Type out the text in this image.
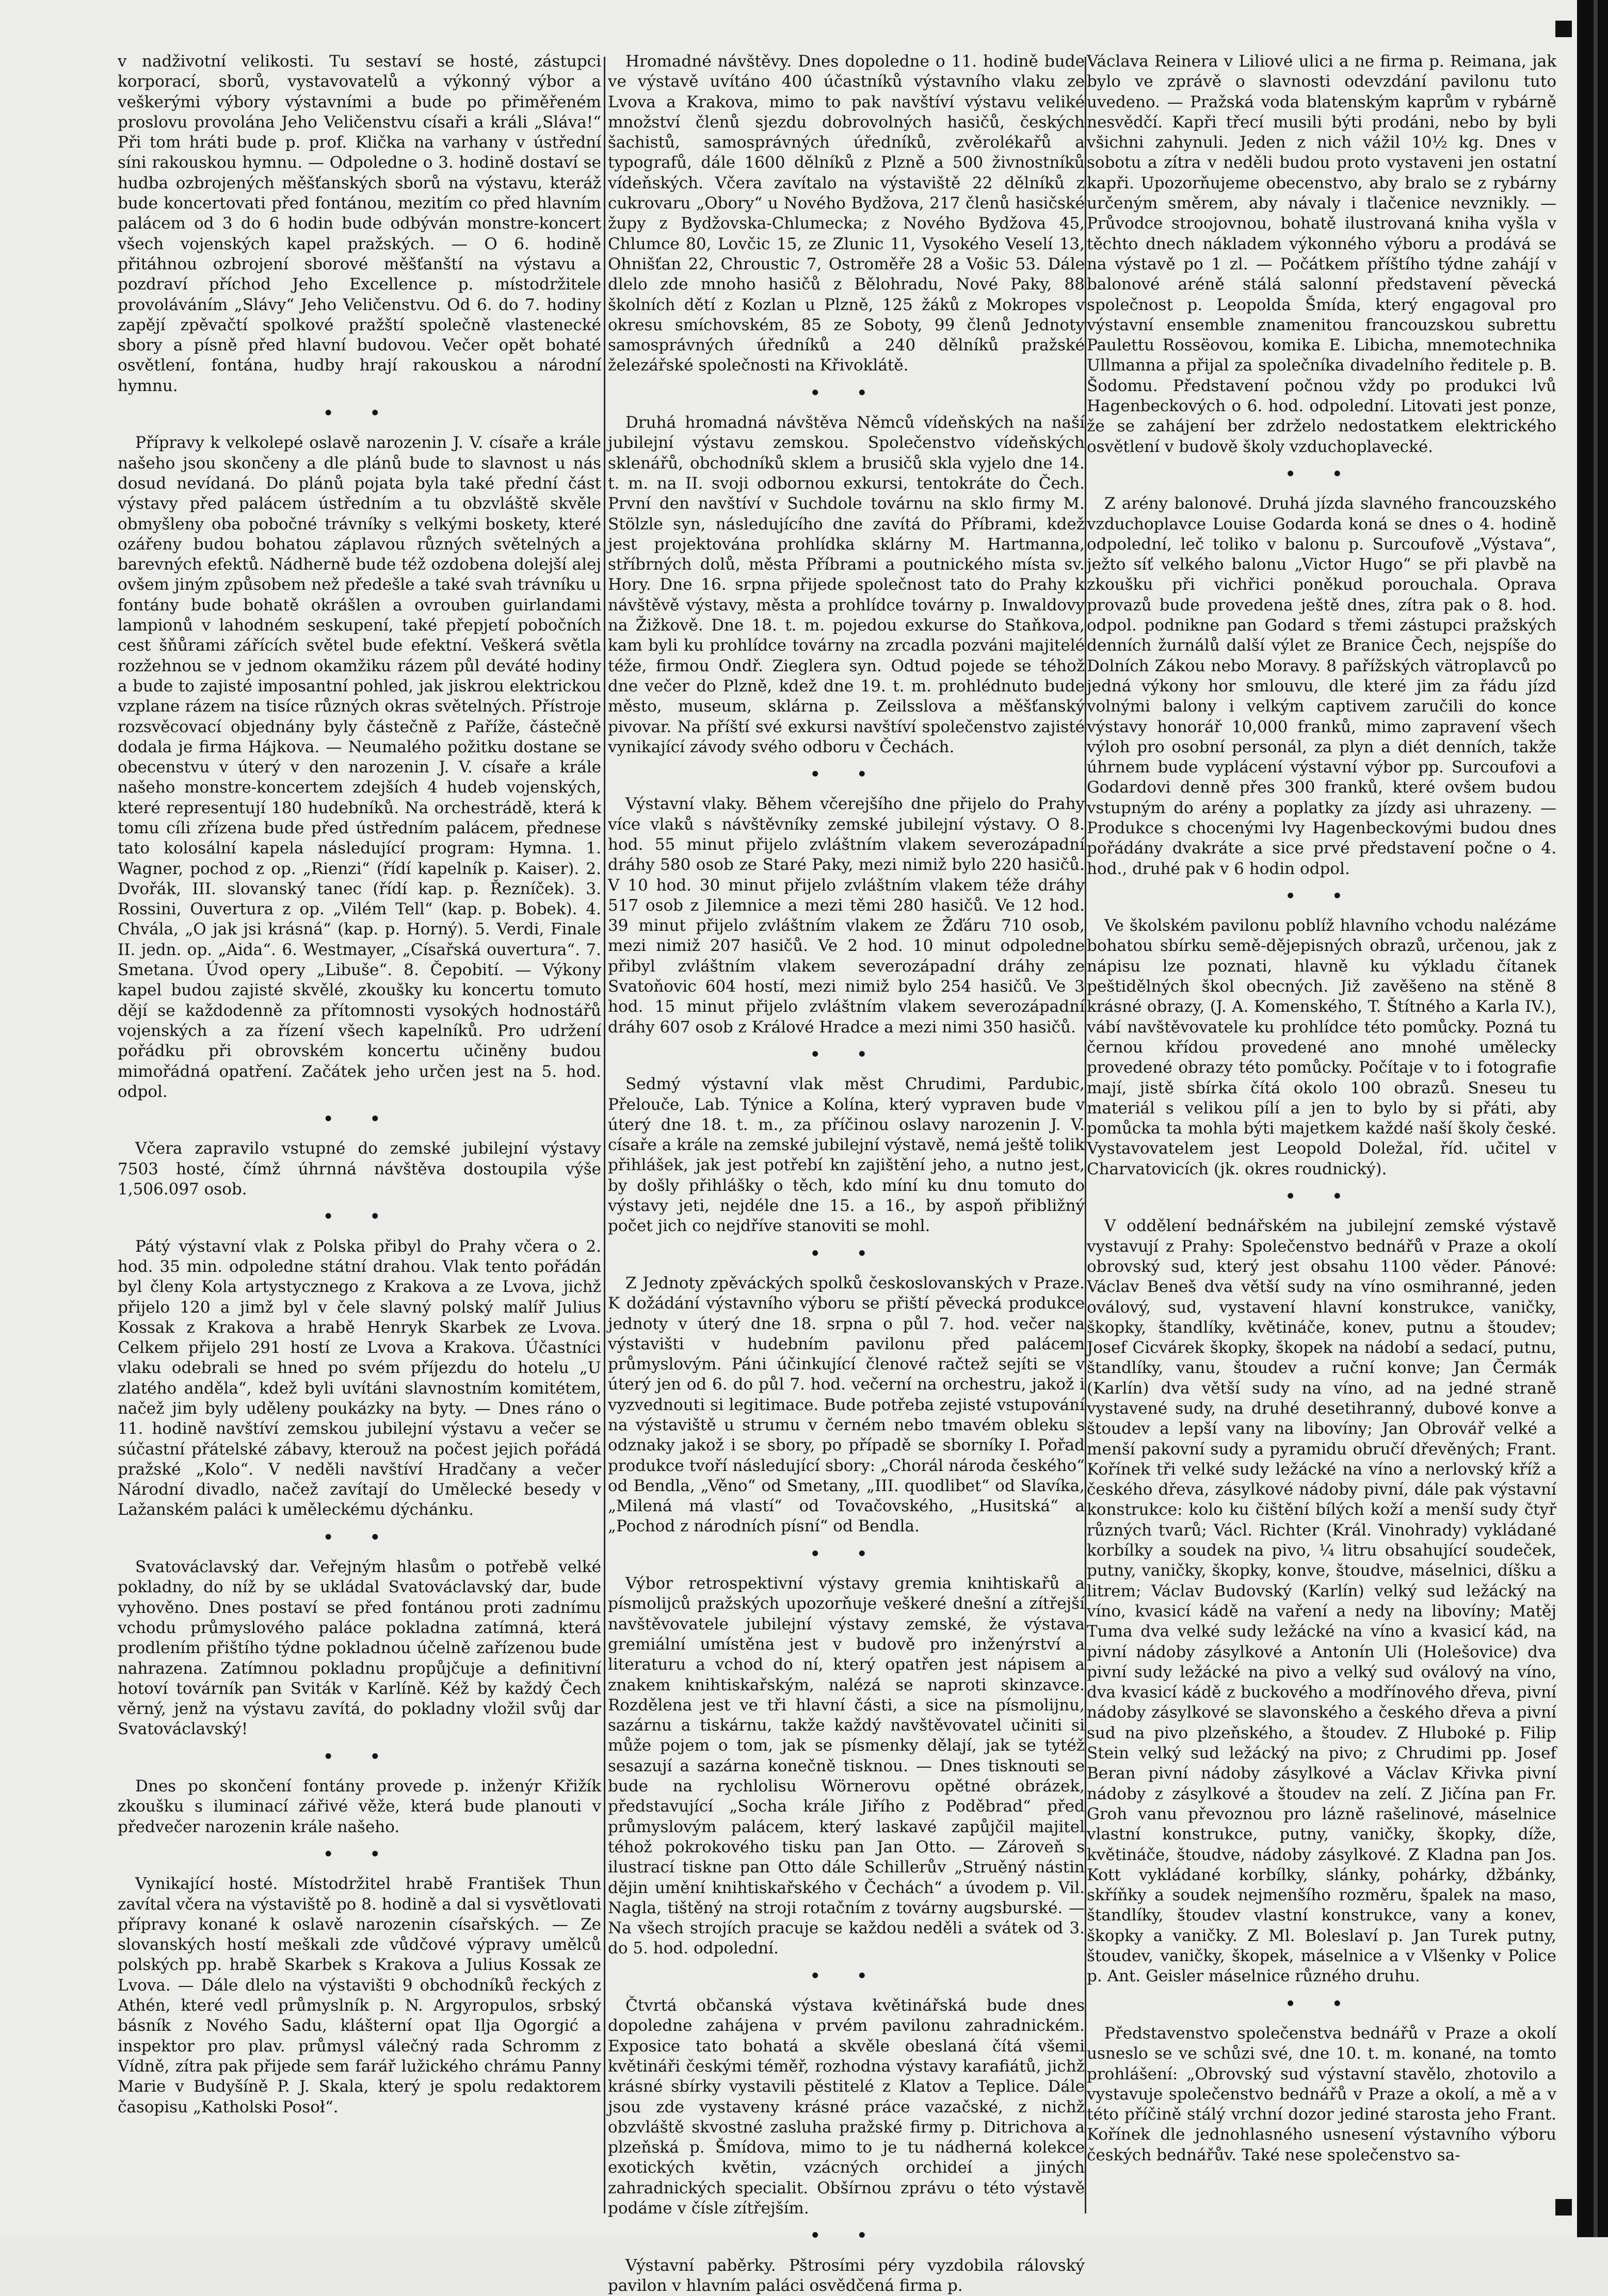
v nadživotní velikosti. Tu sestaví se hosté, zástupci korporací, sborů, vystavovatelů a výkonný výbor a veškerými výbory výstavními a bude po přiměřeném proslovu provolána Jeho Veličenstvu císaři a králi „Sláva!“ Při tom hráti bude p. prof. Klička na varhany v ústřední síni rakouskou hymnu. — Odpoledne o 3. hodině dostaví se hudba ozbrojených měšťanských sborů na výstavu, kteráž bude koncertovati před fontánou, mezitím co před hlavním palácem od 3 do 6 hodin bude odbýván monstre-koncert všech vojenských kapel pražských. — O 6. hodině přitáhnou ozbrojení sborové měšťanští na výstavu a pozdraví příchod Jeho Excellence p. místodržitele provoláváním „Slávy“ Jeho Veličenstvu. Od 6. do 7. hodiny zapějí zpěvačtí spolkové pražští společně vlastenecké sbory a písně před hlavní budovou. Večer opět bohaté osvětlení, fontána, hudby hrají rakouskou a národní hymnu.

• •

Přípravy k velkolepé oslavě narozenin J. V. císaře a krále našeho jsou skončeny a dle plánů bude to slavnost u nás dosud nevídaná. Do plánů pojata byla také přední část výstavy před palácem ústředním a tu obzvláště skvěle obmyšleny oba pobočné trávníky s velkými boskety, které ozářeny budou bohatou záplavou různých světelných a barevných efektů. Nádherně bude též ozdobena dolejší alej ovšem jiným způsobem než předešle a také svah trávníku u fontány bude bohatě okrášlen a ovrouben guirlandami lampionů v lahodném seskupení, také přepjetí pobočních cest šňůrami zářících světel bude efektní. Veškerá světla rozžehnou se v jednom okamžiku rázem půl deváté hodiny a bude to zajisté imposantní pohled, jak jiskrou elektrickou vzplane rázem na tisíce různých okras světelných. Přístroje rozsvěcovací objednány byly částečně z Paříže, částečně dodala je firma Hájkova. — Neumalého požitku dostane se obecenstvu v úterý v den narozenin J. V. císaře a krále našeho monstre-koncertem zdejších 4 hudeb vojenských, které representují 180 hudebníků. Na orchestrádě, která k tomu cíli zřízena bude před ústředním palácem, přednese tato kolosální kapela následující program: Hymna. 1. Wagner, pochod z op. „Rienzi“ (řídí kapelník p. Kaiser). 2. Dvořák, III. slovanský tanec (řídí kap. p. Řezníček). 3. Rossini, Ouvertura z op. „Vilém Tell“ (kap. p. Bobek). 4. Chvála, „O jak jsi krásná“ (kap. p. Horný). 5. Verdi, Finale II. jedn. op. „Aida“. 6. Westmayer, „Císařská ouvertura“. 7. Smetana. Úvod opery „Libuše“. 8. Čepobití. — Výkony kapel budou zajisté skvělé, zkoušky ku koncertu tomuto dějí se každodenně za přítomnosti vysokých hodnostářů vojenských a za řízení všech kapelníků. Pro udržení pořádku při obrovském koncertu učiněny budou mimořádná opatření. Začátek jeho určen jest na 5. hod. odpol.

• •

Včera zapravilo vstupné do zemské jubilejní výstavy 7503 hosté, čímž úhrnná návštěva dostoupila výše 1,506.097 osob.

• •

Pátý výstavní vlak z Polska přibyl do Prahy včera o 2. hod. 35 min. odpoledne státní drahou. Vlak tento pořádán byl členy Kola artystycznego z Krakova a ze Lvova, jichž přijelo 120 a jimž byl v čele slavný polský malíř Julius Kossak z Krakova a hrabě Henryk Skarbek ze Lvova. Celkem přijelo 291 hostí ze Lvova a Krakova. Účastníci vlaku odebrali se hned po svém příjezdu do hotelu „U zlatého anděla“, kdež byli uvítáni slavnostním komitétem, načež jim byly uděleny poukázky na byty. — Dnes ráno o 11. hodině navštíví zemskou jubilejní výstavu a večer se súčastní přátelské zábavy, kterouž na počest jejich pořádá pražské „Kolo“. V neděli navštíví Hradčany a večer Národní divadlo, načež zavítají do Umělecké besedy v Lažanském paláci k uměleckému dýchánku.

• •

Svatováclavský dar. Veřejným hlasům o potřebě velké pokladny, do níž by se ukládal Svatováclavský dar, bude vyhověno. Dnes postaví se před fontánou proti zadnímu vchodu průmyslového paláce pokladna zatímná, která prodlením přištího týdne pokladnou účelně zařízenou bude nahrazena. Zatímnou pokladnu propůjčuje a definitivní hotoví továrník pan Sviták v Karlíně. Kéž by každý Čech věrný, jenž na výstavu zavítá, do pokladny vložil svůj dar Svatováclavský!

• •

Dnes po skončení fontány provede p. inženýr Křižík zkoušku s iluminací zářivé věže, která bude planouti v předvečer narozenin krále našeho.

• •

Vynikající hosté. Místodržitel hrabě František Thun zavítal včera na výstaviště po 8. hodině a dal si vysvětlovati přípravy konané k oslavě narozenin císařských. — Ze slovanských hostí meškali zde vůdčové výpravy umělců polských pp. hrabě Skarbek s Krakova a Julius Kossak ze Lvova. — Dále dlelo na výstavišti 9 obchodníků řeckých z Athén, které vedl průmyslník p. N. Argyropulos, srbský básník z Nového Sadu, klášterní opat Ilja Ogorgić a inspektor pro plav. průmysl válečný rada Schromm z Vídně, zítra pak přijede sem farář lužického chrámu Panny Marie v Budyšíně P. J. Skala, který je spolu redaktorem časopisu „Katholski Posoł“.

Hromadné návštěvy. Dnes dopoledne o 11. hodině bude ve výstavě uvítáno 400 účastníků výstavního vlaku ze Lvova a Krakova, mimo to pak navštíví výstavu veliké množství členů sjezdu dobrovolných hasičů, českých šachistů, samosprávných úředníků, zvěrolékařů a typografů, dále 1600 dělníků z Plzně a 500 živnostníků vídeňských. Včera zavítalo na výstaviště 22 dělníků z cukrovaru „Obory“ u Nového Bydžova, 217 členů hasičské župy z Bydžovska-Chlumecka; z Nového Bydžova 45, Chlumce 80, Lovčic 15, ze Zlunic 11, Vysokého Veselí 13, Ohnišťan 22, Chroustic 7, Ostroměře 28 a Vošic 53. Dále dlelo zde mnoho hasičů z Bělohradu, Nové Paky, 88 školních dětí z Kozlan u Plzně, 125 žáků z Mokropes v okresu smíchovském, 85 ze Soboty, 99 členů Jednoty samosprávných úředníků a 240 dělníků pražské železářské společnosti na Křivoklátě.

• •

Druhá hromadná návštěva Němců vídeňských na naší jubilejní výstavu zemskou. Společenstvo vídeňských sklenářů, obchodníků sklem a brusičů skla vyjelo dne 14. t. m. na II. svoji odbornou exkursi, tentokráte do Čech. První den navštíví v Suchdole továrnu na sklo firmy M. Stölzle syn, následujícího dne zavítá do Příbrami, kdež jest projektována prohlídka sklárny M. Hartmanna, stříbrných dolů, města Příbrami a poutnického místa sv. Hory. Dne 16. srpna přijede společnost tato do Prahy k návštěvě výstavy, města a prohlídce továrny p. Inwaldovy na Žižkově. Dne 18. t. m. pojedou exkurse do Staňkova, kam byli ku prohlídce továrny na zrcadla pozváni majitelé téže, firmou Ondř. Zieglera syn. Odtud pojede se téhož dne večer do Plzně, kdež dne 19. t. m. prohlédnuto bude město, museum, sklárna p. Zeilsslova a měšťanský pivovar. Na příští své exkursi navštíví společenstvo zajisté vynikající závody svého odboru v Čechách.

• •

Výstavní vlaky. Během včerejšího dne přijelo do Prahy více vlaků s návštěvníky zemské jubilejní výstavy. O 8. hod. 55 minut přijelo zvláštním vlakem severozápadní dráhy 580 osob ze Staré Paky, mezi nimiž bylo 220 hasičů. V 10 hod. 30 minut přijelo zvláštním vlakem téže dráhy 517 osob z Jilemnice a mezi těmi 280 hasičů. Ve 12 hod. 39 minut přijelo zvláštním vlakem ze Žďáru 710 osob, mezi nimiž 207 hasičů. Ve 2 hod. 10 minut odpoledne přibyl zvláštním vlakem severozápadní dráhy ze Svatoňovic 604 hostí, mezi nimiž bylo 254 hasičů. Ve 3 hod. 15 minut přijelo zvláštním vlakem severozápadní dráhy 607 osob z Králové Hradce a mezi nimi 350 hasičů.

• •

Sedmý výstavní vlak měst Chrudimi, Pardubic, Přelouče, Lab. Týnice a Kolína, který vypraven bude v úterý dne 18. t. m., za příčinou oslavy narozenin J. V. císaře a krále na zemské jubilejní výstavě, nemá ještě tolik přihlášek, jak jest potřebí kn zajištění jeho, a nutno jest, by došly přihlášky o těch, kdo míní ku dnu tomuto do výstavy jeti, nejdéle dne 15. a 16., by aspoň přibližný počet jich co nejdříve stanoviti se mohl.

• •

Z Jednoty zpěváckých spolků českoslovanských v Praze. K dožádání výstavního výboru se přiští pěvecká produkce jednoty v úterý dne 18. srpna o půl 7. hod. večer na výstavišti v hudebním pavilonu před palácem průmyslovým. Páni účinkující členové račtež sejíti se v úterý jen od 6. do půl 7. hod. večerní na orchestru, jakož i vyzvednouti si legitimace. Bude potřeba zejisté vstupování na výstaviště u strumu v černém nebo tmavém obleku s odznaky jakož i se sbory, po případě se sborníky I. Pořad produkce tvoří následující sbory: „Chorál národa českého“ od Bendla, „Věno“ od Smetany, „III. quodlibet“ od Slavíka, „Milená má vlastí“ od Tovačovského, „Husitská“ a „Pochod z národních písní“ od Bendla.

• •

Výbor retrospektivní výstavy gremia knihtiskařů a písmolijců pražských upozorňuje veškeré dnešní a zítřejší navštěvovatele jubilejní výstavy zemské, že výstava gremiální umístěna jest v budově pro inženýrství a literaturu a vchod do ní, který opatřen jest nápisem a znakem knihtiskařským, nalézá se naproti skinzavce. Rozdělena jest ve tři hlavní části, a sice na písmolijnu, sazárnu a tiskárnu, takže každý navštěvovatel učiniti si může pojem o tom, jak se písmenky dělají, jak se tytéž sesazují a sazárna konečně tisknou. — Dnes tisknouti se bude na rychlolisu Wörnerovu opětné obrázek, představující „Socha krále Jiřího z Poděbrad“ před průmyslovým palácem, který laskavé zapůjčil majitel téhož pokrokového tisku pan Jan Otto. — Zároveň s ilustrací tiskne pan Otto dále Schillerův „Struěný nástin dějin umění knihtiskařského v Čechách“ a úvodem p. Vil. Nagla, tištěný na stroji rotačním z továrny augsburské. — Na všech strojích pracuje se každou neděli a svátek od 3. do 5. hod. odpolední.

• •

Čtvrtá občanská výstava květinářská bude dnes dopoledne zahájena v prvém pavilonu zahradnickém. Exposice tato bohatá a skvěle obeslaná čítá všemi květináři českými téměř, rozhodna výstavy karafiátů, jichž krásné sbírky vystavili pěstitelé z Klatov a Teplice. Dále jsou zde vystaveny krásné práce vazačské, z nichž obzvláště skvostné zasluha pražské firmy p. Ditrichova a plzeňská p. Šmídova, mimo to je tu nádherná kolekce exotických květin, vzácných orchideí a jiných zahradnických specialit. Obšírnou zprávu o této výstavě podáme v čísle zítřejším.

• •

Výstavní paběrky. Pštrosími péry vyzdobila rálovský pavilon v hlavním paláci osvědčená firma p.

Václava Reinera v Liliové ulici a ne firma p. Reimana, jak bylo ve zprávě o slavnosti odevzdání pavilonu tuto uvedeno. — Pražská voda blatenským kaprům v rybárně nesvědčí. Kapři třecí musili býti prodáni, nebo by byli všichni zahynuli. Jeden z nich vážil 10½ kg. Dnes v sobotu a zítra v neděli budou proto vystaveni jen ostatní kapři. Upozorňujeme obecenstvo, aby bralo se z rybárny určeným směrem, aby návaly i tlačenice nevznikly. — Průvodce stroojovnou, bohatě ilustrovaná kniha vyšla v těchto dnech nákladem výkonného výboru a prodává se na výstavě po 1 zl. — Počátkem příštího týdne zahájí v balonové aréně stálá salonní představení pěvecká společnost p. Leopolda Šmída, který engagoval pro výstavní ensemble znamenitou francouzskou subrettu Paulettu Rossëovou, komika E. Libicha, mnemotechnika Ullmanna a přijal za společníka divadelního ředitele p. B. Šodomu. Představení počnou vždy po produkci lvů Hagenbeckových o 6. hod. odpolední. Litovati jest ponze, že se zahájení ber zdrželo nedostatkem elektrického osvětlení v budově školy vzduchoplavecké.

• •

Z arény balonové. Druhá jízda slavného francouzského vzduchoplavce Louise Godarda koná se dnes o 4. hodině odpolední, leč toliko v balonu p. Surcoufově „Výstava“, ježto síť velkého balonu „Victor Hugo“ se při plavbě na zkoušku při vichřici poněkud porouchala. Oprava provazů bude provedena ještě dnes, zítra pak o 8. hod. odpol. podnikne pan Godard s třemi zástupci pražských denních žurnálů další výlet ze Branice Čech, nejspíše do Dolních Zákou nebo Moravy. 8 pařížských vätroplavců po jedná výkony hor smlouvu, dle které jim za řádu jízd volnými balony i velkým captivem zaručili do konce výstavy honorář 10,000 franků, mimo zapravení všech výloh pro osobní personál, za plyn a diét denních, takže úhrnem bude vyplácení výstavní výbor pp. Surcoufovi a Godardovi denně přes 300 franků, které ovšem budou vstupným do arény a poplatky za jízdy asi uhrazeny. — Produkce s chocenými lvy Hagenbeckovými budou dnes pořádány dvakráte a sice prvé představení počne o 4. hod., druhé pak v 6 hodin odpol.

• •

Ve školském pavilonu poblíž hlavního vchodu nalézáme bohatou sbírku semě-dějepisných obrazů, určenou, jak z nápisu lze poznati, hlavně ku výkladu čítanek peštidělných škol obecných. Již zavěšeno na stěně 8 krásné obrazy, (J. A. Komenského, T. Štítného a Karla IV.), vábí navštěvovatele ku prohlídce této pomůcky. Pozná tu černou křídou provedené ano mnohé umělecky provedené obrazy této pomůcky. Počítaje v to i fotografie mají, jistě sbírka čítá okolo 100 obrazů. Sneseu tu materiál s velikou pílí a jen to bylo by si přáti, aby pomůcka ta mohla býti majetkem každé naší školy české. Vystavovatelem jest Leopold Doležal, říd. učitel v Charvatovicích (jk. okres roudnický).

• •

V oddělení bednářském na jubilejní zemské výstavě vystavují z Prahy: Společenstvo bednářů v Praze a okolí obrovský sud, který jest obsahu 1100 věder. Pánové: Václav Beneš dva větší sudy na víno osmihranné, jeden oválový, sud, vystavení hlavní konstrukce, vaničky, škopky, štandlíky, květináče, konev, putnu a štoudev; Josef Cicvárek škopky, škopek na nádobí a sedací, putnu, štandlíky, vanu, štoudev a ruční konve; Jan Čermák (Karlín) dva větší sudy na víno, ad na jedné straně vystavené sudy, na druhé desetihranný, dubové konve a štoudev a lepší vany na libovíny; Jan Obrovář velké a menší pakovní sudy a pyramidu obručí dřevěných; Frant. Kořínek tři velké sudy ležácké na víno a nerlovský kříž a českého dřeva, zásylkové nádoby pivní, dále pak výstavní konstrukce: kolo ku čištění bílých koží a menší sudy čtyř různých tvarů; Václ. Richter (Král. Vinohrady) vykládané korbílky a soudek na pivo, ¼ litru obsahující soudeček, putny, vaničky, škopky, konve, štoudve, máselnici, díšku a litrem; Václav Budovský (Karlín) velký sud ležácký na víno, kvasicí kádě na vaření a nedy na libovíny; Matěj Tuma dva velké sudy ležácké na víno a kvasicí kád, na pivní nádoby zásylkové a Antonín Uli (Holešovice) dva pivní sudy ležácké na pivo a velký sud oválový na víno, dva kvasicí kádě z buckového a modřínového dřeva, pivní nádoby zásylkové se slavonského a českého dřeva a pivní sud na pivo plzeňského, a štoudev. Z Hluboké p. Filip Stein velký sud ležácký na pivo; z Chrudimi pp. Josef Beran pivní nádoby zásylkové a Václav Křivka pivní nádoby z zásylkové a štoudev na zelí. Z Jičína pan Fr. Groh vanu převoznou pro lázně rašelinové, máselnice vlastní konstrukce, putny, vaničky, škopky, díže, květináče, štoudve, nádoby zásylkové. Z Kladna pan Jos. Kott vykládané korbílky, slánky, pohárky, džbánky, skříňky a soudek nejmenšího rozměru, špalek na maso, štandlíky, štoudev vlastní konstrukce, vany a konev, škopky a vaničky. Z Ml. Boleslaví p. Jan Turek putny, štoudev, vaničky, škopek, máselnice a v Vlšenky v Police p. Ant. Geisler máselnice různého druhu.

• •

Představenstvo společenstva bednářů v Praze a okolí usneslo se ve schůzi své, dne 10. t. m. konané, na tomto prohlášení: „Obrovský sud výstavní stavělo, zhotovilo a vystavuje společenstvo bednářů v Praze a okolí, a mě a v této příčině stálý vrchní dozor jediné starosta jeho Frant. Kořínek dle jednohlasného usnesení výstavního výboru českých bednářův. Také nese společenstvo sa-
